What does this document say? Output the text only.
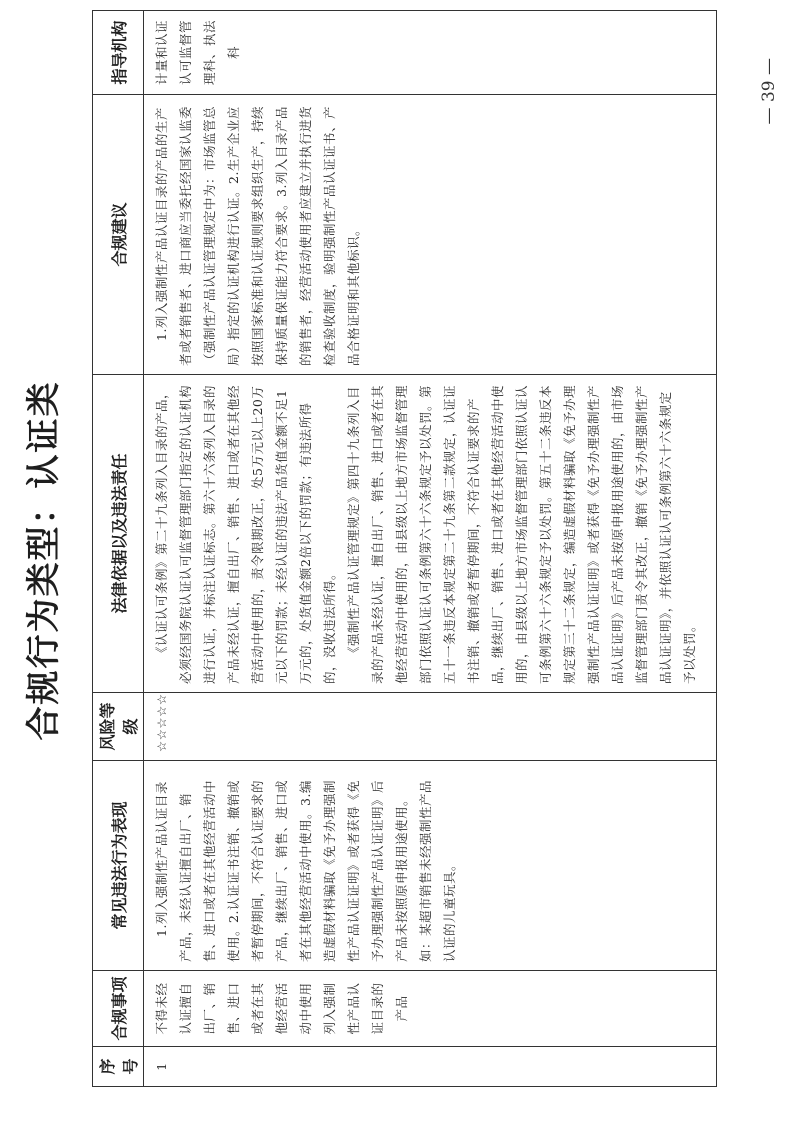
合规行为类型：认证类
序号	合规事项	常见违法行为表现	风险等级	法律依据以及违法责任	合规建议	指导机构
1	不得未经认证擅自出厂、销售、进口或者在其他经营活动中使用列入强制性产品认证目录的产品	1.列入强制性产品认证目录产品，未经认证擅自出厂、销售、进口或者在其他经营活动中使用。2.认证证书注销、撤销或者暂停期间，不符合认证要求的产品，继续出厂、销售、进口或者在其他经营活动中使用。3.编造虚假材料骗取《免予办理强制性产品认证证明》或者获得《免予办理强制性产品认证证明》后产品未按照原申报用途使用。如：某超市销售未经强制性产品认证的儿童玩具。	☆☆☆☆☆	《认证认可条例》第二十九条列入目录的产品，必须经国务院认证认可监督管理部门指定的认证机构进行认证，并标注认证标志。第六十六条列入目录的产品未经认证，擅自出厂、销售、进口或者在其他经营活动中使用的，责令限期改正，处5万元以上20万元以下的罚款；未经认证的违法产品货值金额不足1万元的，处货值金额2倍以下的罚款；有违法所得的，没收违法所得。 《强制性产品认证管理规定》第四十九条列入目录的产品未经认证，擅自出厂、销售、进口或者在其他经营活动中使用的，由县级以上地方市场监督管理部门依照认证认可条例第六十六条规定予以处罚。第五十一条违反本规定第二十九条第二款规定，认证证书注销、撤销或者暂停期间，不符合认证要求的产品，继续出厂、销售、进口或者在其他经营活动中使用的，由县级以上地方市场监督管理部门依照认证认可条例第六十六条规定予以处罚。第五十二条违反本规定第三十二条规定，编造虚假材料骗取《免予办理强制性产品认证证明》或者获得《免予办理强制性产品认证证明》后产品未按原申报用途使用的，由市场监督管理部门责令其改正，撤销《免予办理强制性产品认证证明》，并依照认证认可条例第六十六条规定予以处罚。	1.列入强制性产品认证目录的产品的生产者或者销售者、进口商应当委托经国家认监委（强制性产品认证管理规定中为：市场监管总局）指定的认证机构进行认证。2.生产企业应按照国家标准和认证规则要求组织生产，持续保持质量保证能力符合要求。3.列入目录产品的销售者，经营活动使用者应建立并执行进货检查验收制度，验明强制性产品认证证书、产品合格证明和其他标识。	计量和认证认可监督管理科、执法科
— 39 —
